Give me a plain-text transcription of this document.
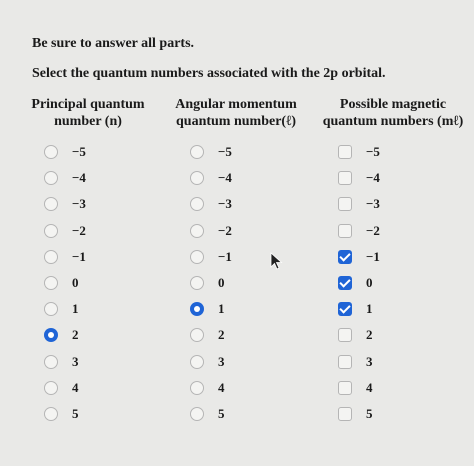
Be sure to answer all parts.
Select the quantum numbers associated with the 2p orbital.
Principal quantum
number (n)
Angular momentum
quantum number(ℓ)
Possible magnetic
quantum numbers (mℓ)
−5	−5	−5
−4	−4	−4
−3	−3	−3
−2	−2	−2
−1	−1	−1
0	0	0
1	1	1
2	2	2
3	3	3
4	4	4
5	5	5
